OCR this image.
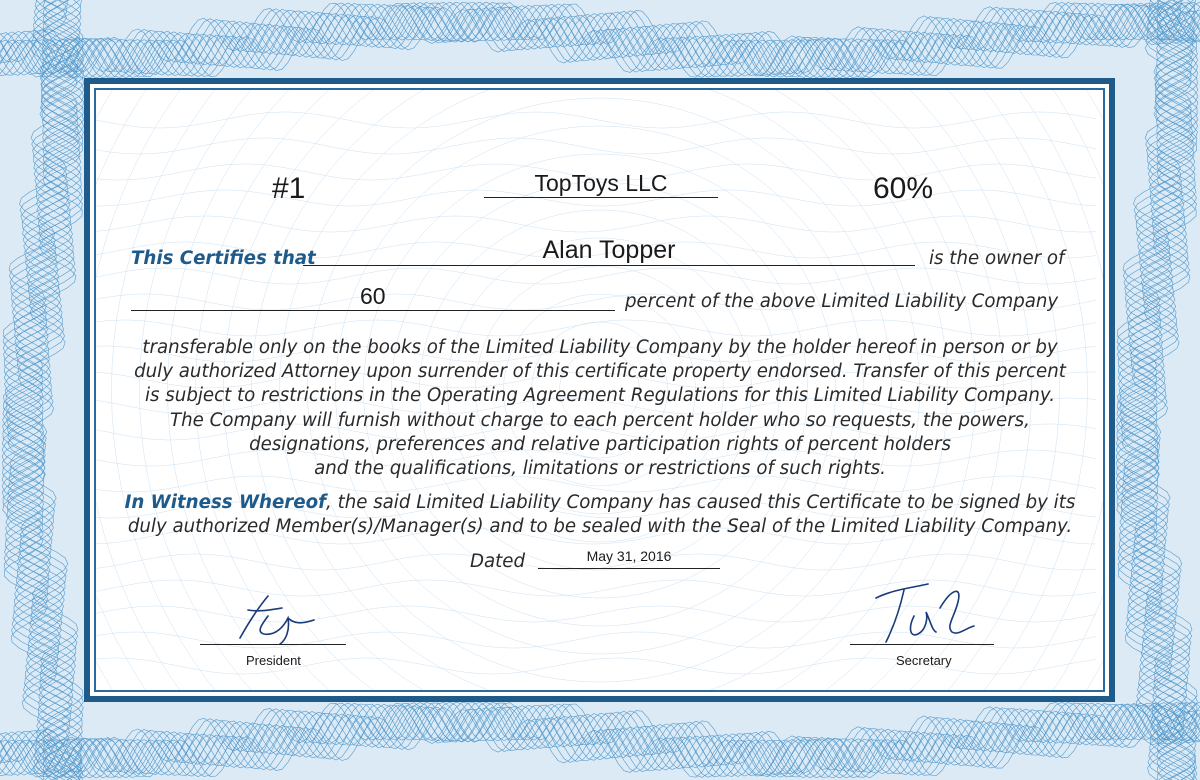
#1	TopToys LLC	60%
This Certifies that	Alan Topper	is the owner of
60	percent of the above Limited Liability Company
transferable only on the books of the Limited Liability Company by the holder hereof in person or by
duly authorized Attorney upon surrender of this certificate property endorsed. Transfer of this percent
is subject to restrictions in the Operating Agreement Regulations for this Limited Liability Company.
The Company will furnish without charge to each percent holder who so requests, the powers,
designations, preferences and relative participation rights of percent holders
and the qualifications, limitations or restrictions of such rights.
In Witness Whereof, the said Limited Liability Company has caused this Certificate to be signed by its
duly authorized Member(s)/Manager(s) and to be sealed with the Seal of the Limited Liability Company.
Dated	May 31, 2016
President	Secretary
